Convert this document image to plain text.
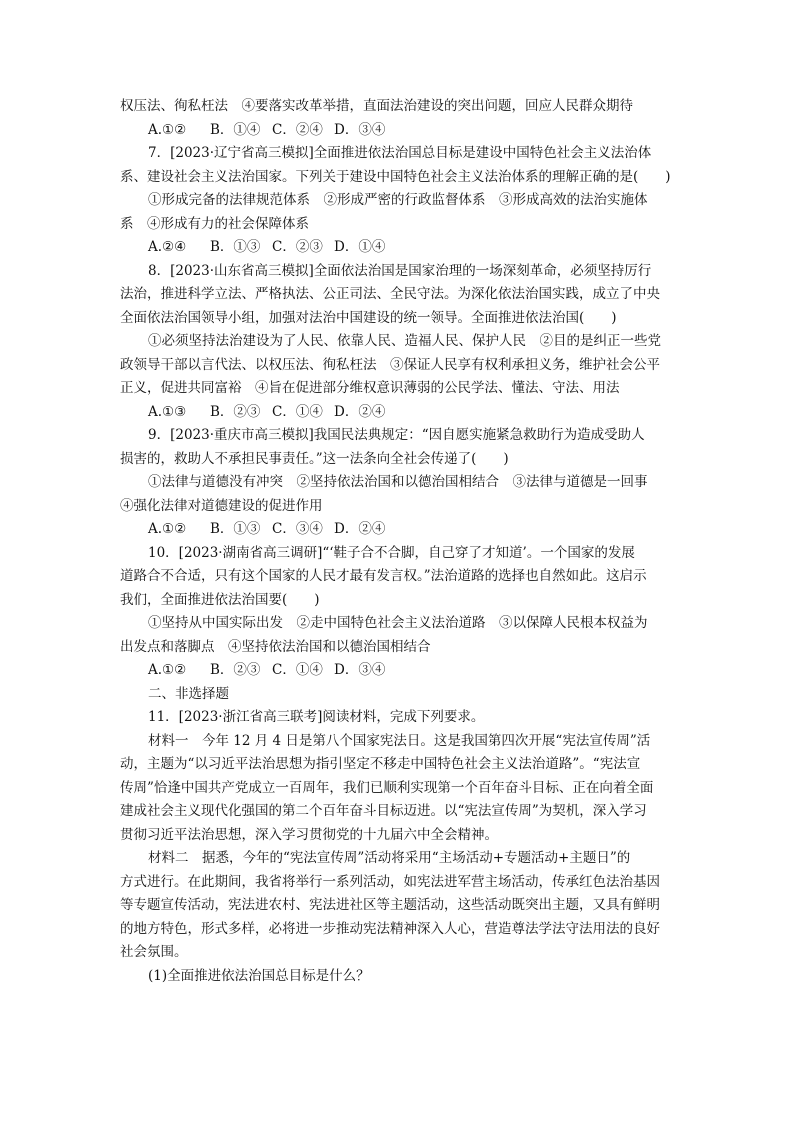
权压法、徇私枉法　④要落实改革举措，直面法治建设的突出问题，回应人民群众期待
A.①② B．①④ C．②④ D．③④
7．[2023·辽宁省高三模拟]全面推进依法治国总目标是建设中国特色社会主义法治体
系、建设社会主义法治国家。下列关于建设中国特色社会主义法治体系的理解正确的是(　　)
①形成完备的法律规范体系　②形成严密的行政监督体系　③形成高效的法治实施体
系　④形成有力的社会保障体系
A.②④ B．①③ C．②③ D．①④
8．[2023·山东省高三模拟]全面依法治国是国家治理的一场深刻革命，必须坚持厉行
法治，推进科学立法、严格执法、公正司法、全民守法。为深化依法治国实践，成立了中央
全面依法治国领导小组，加强对法治中国建设的统一领导。全面推进依法治国(　　)
①必须坚持法治建设为了人民、依靠人民、造福人民、保护人民　②目的是纠正一些党
政领导干部以言代法、以权压法、徇私枉法　③保证人民享有权利承担义务，维护社会公平
正义，促进共同富裕　④旨在促进部分维权意识薄弱的公民学法、懂法、守法、用法
A.①③ B．②③ C．①④ D．②④
9．[2023·重庆市高三模拟]我国民法典规定：“因自愿实施紧急救助行为造成受助人
损害的，救助人不承担民事责任。”这一法条向全社会传递了(　　)
①法律与道德没有冲突　②坚持依法治国和以德治国相结合　③法律与道德是一回事
④强化法律对道德建设的促进作用
A.①② B．①③ C．③④ D．②④
10．[2023·湖南省高三调研]“‘鞋子合不合脚，自己穿了才知道’。一个国家的发展
道路合不合适，只有这个国家的人民才最有发言权。”法治道路的选择也自然如此。这启示
我们，全面推进依法治国要(　　)
①坚持从中国实际出发　②走中国特色社会主义法治道路　③以保障人民根本权益为
出发点和落脚点　④坚持依法治国和以德治国相结合
A.①② B．②③ C．①④ D．③④
二、非选择题
11．[2023·浙江省高三联考]阅读材料，完成下列要求。
材料一　今年 12 月 4 日是第八个国家宪法日。这是我国第四次开展“宪法宣传周”活
动，主题为“以习近平法治思想为指引坚定不移走中国特色社会主义法治道路”。“宪法宣
传周”恰逢中国共产党成立一百周年，我们已顺利实现第一个百年奋斗目标、正在向着全面
建成社会主义现代化强国的第二个百年奋斗目标迈进。以“宪法宣传周”为契机，深入学习
贯彻习近平法治思想，深入学习贯彻党的十九届六中全会精神。
材料二　据悉，今年的“宪法宣传周”活动将采用“主场活动+专题活动+主题日”的
方式进行。在此期间，我省将举行一系列活动，如宪法进军营主场活动，传承红色法治基因
等专题宣传活动，宪法进农村、宪法进社区等主题活动，这些活动既突出主题，又具有鲜明
的地方特色，形式多样，必将进一步推动宪法精神深入人心，营造尊法学法守法用法的良好
社会氛围。
(1)全面推进依法治国总目标是什么？
